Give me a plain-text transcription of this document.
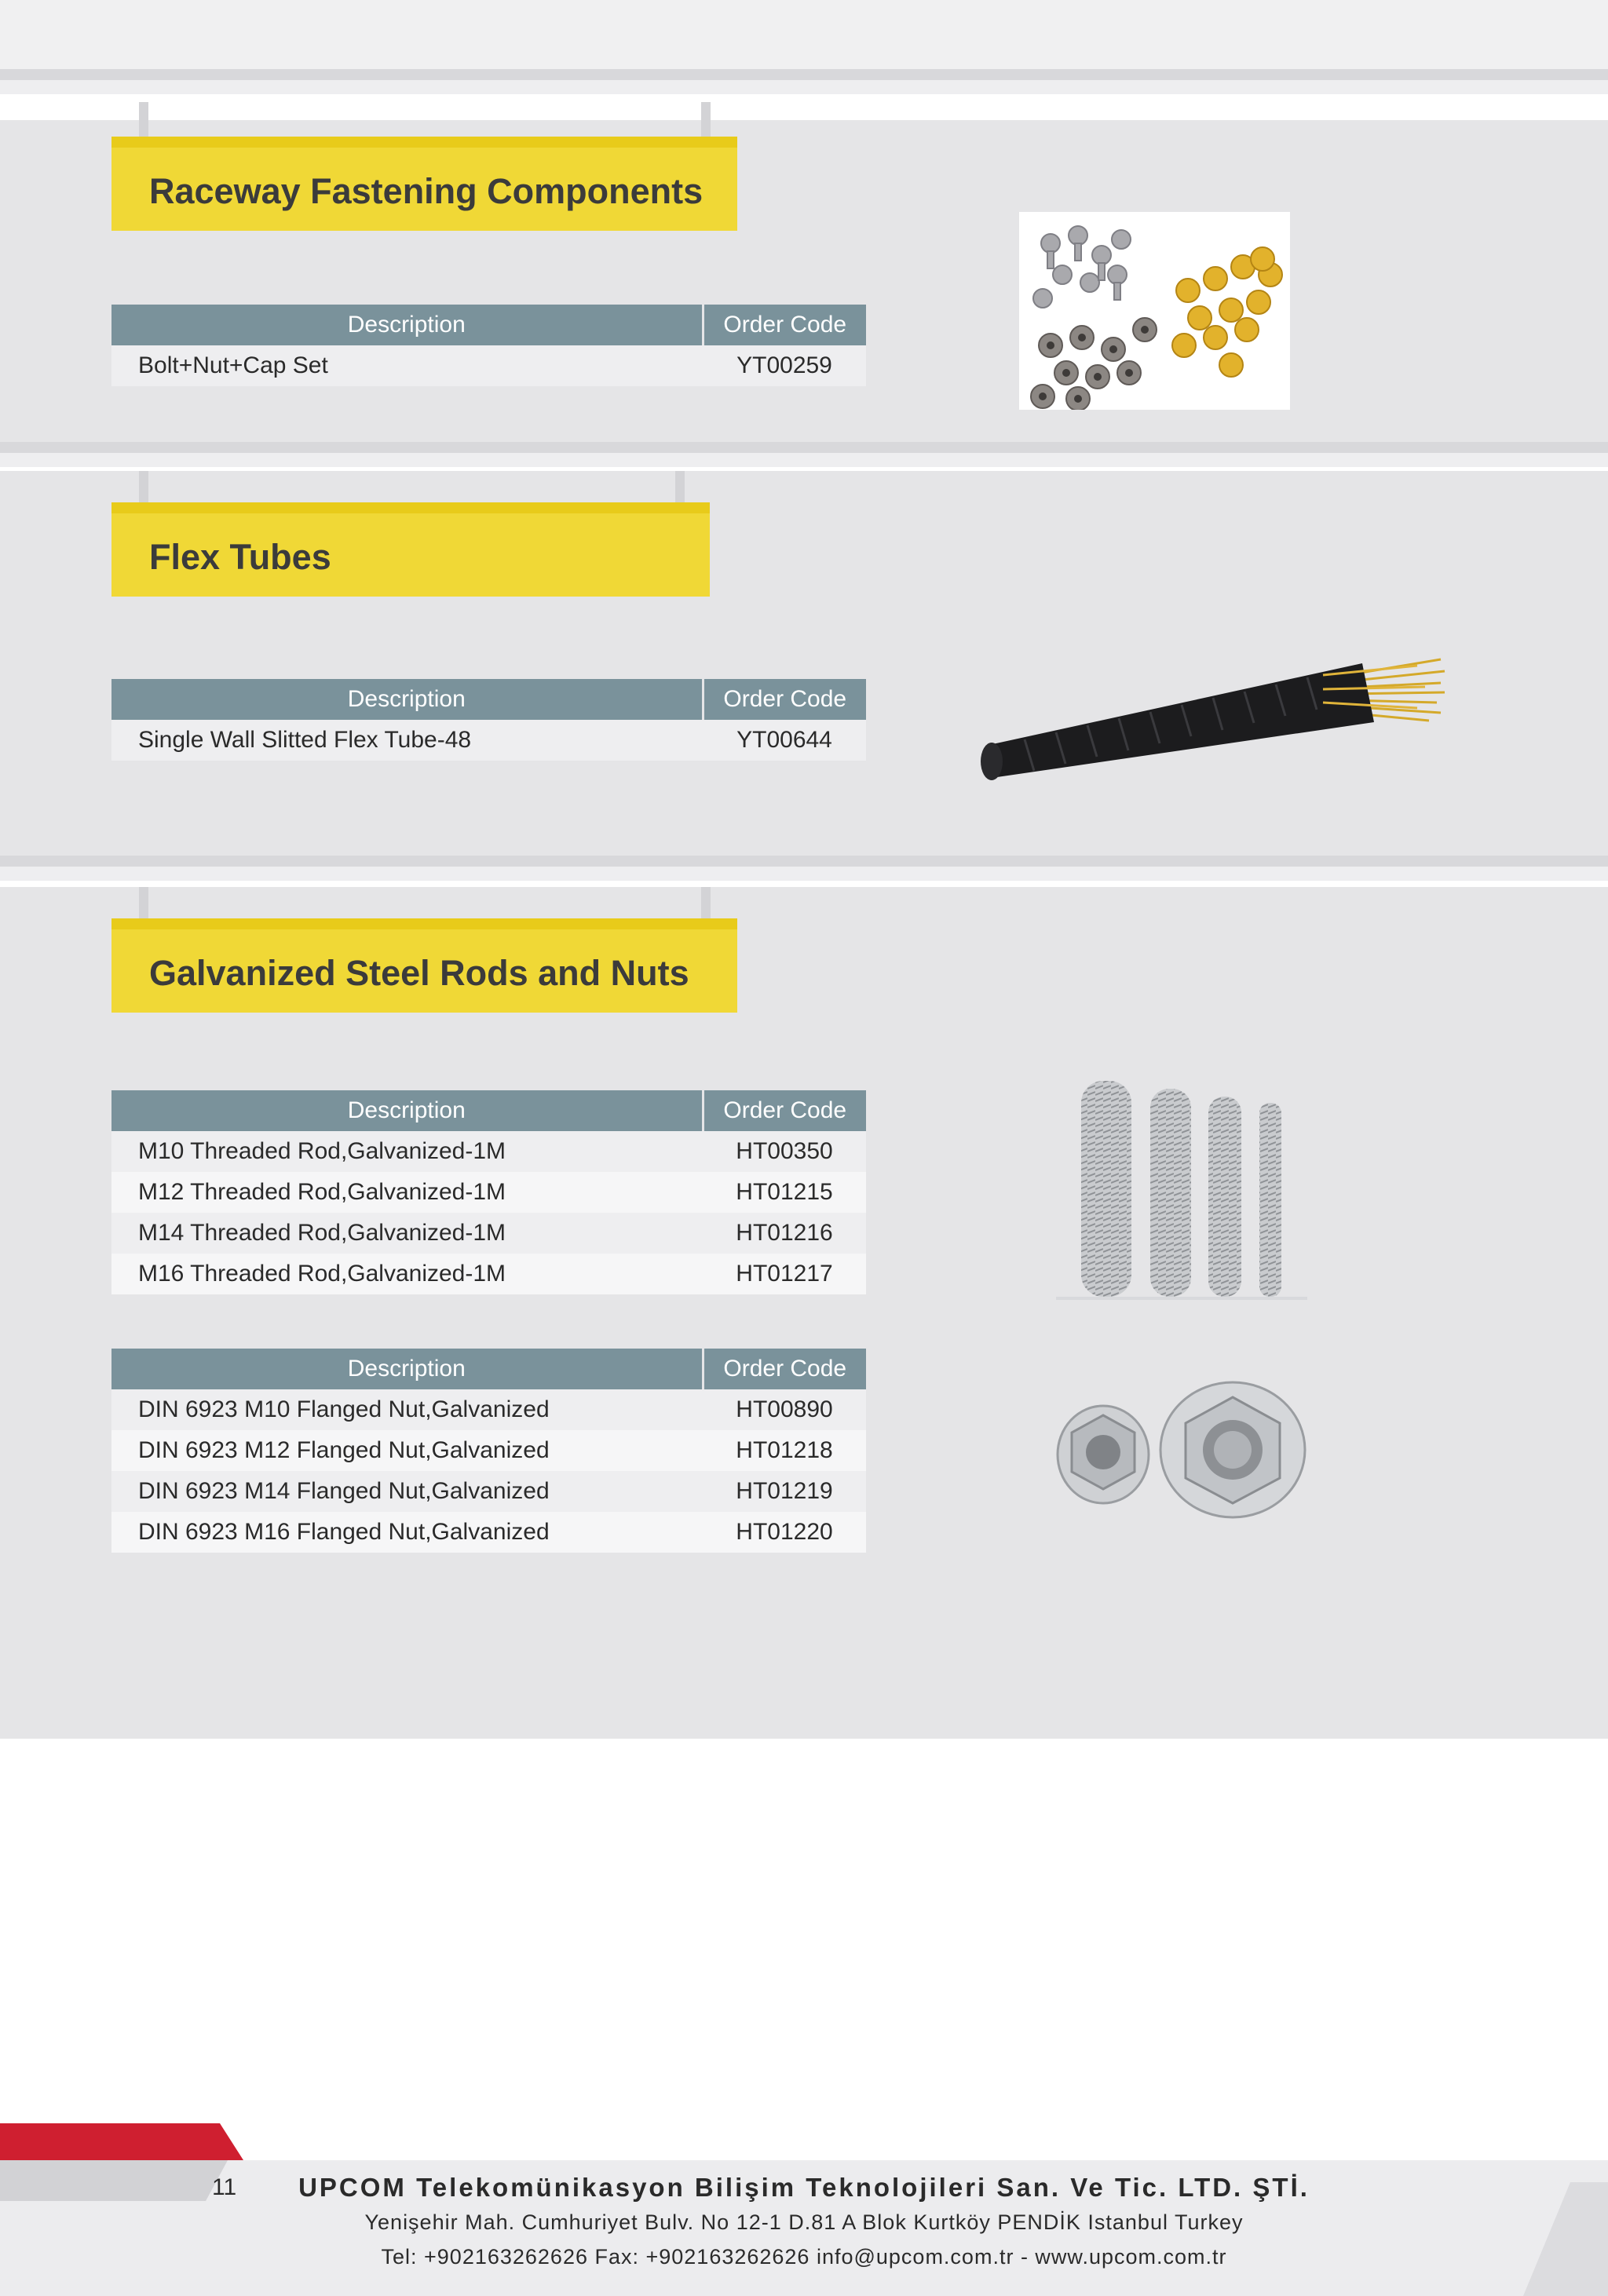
Raceway Fastening Components
Description	Order Code
Bolt+Nut+Cap Set	YT00259
Flex Tubes
Description	Order Code
Single Wall Slitted Flex Tube-48	YT00644
Galvanized Steel Rods and Nuts
Description	Order Code
M10 Threaded Rod,Galvanized-1M	HT00350
M12 Threaded Rod,Galvanized-1M	HT01215
M14 Threaded Rod,Galvanized-1M	HT01216
M16 Threaded Rod,Galvanized-1M	HT01217
Description	Order Code
DIN 6923 M10 Flanged Nut,Galvanized	HT00890
DIN 6923 M12 Flanged Nut,Galvanized	HT01218
DIN 6923 M14 Flanged Nut,Galvanized	HT01219
DIN 6923 M16 Flanged Nut,Galvanized	HT01220
11	UPCOM Telekomünikasyon Bilişim Teknolojileri San. Ve Tic. LTD. ŞTİ.
Yenişehir Mah. Cumhuriyet Bulv. No 12-1 D.81 A Blok Kurtköy PENDİK Istanbul Turkey
Tel: +902163262626 Fax: +902163262626 info@upcom.com.tr - www.upcom.com.tr
